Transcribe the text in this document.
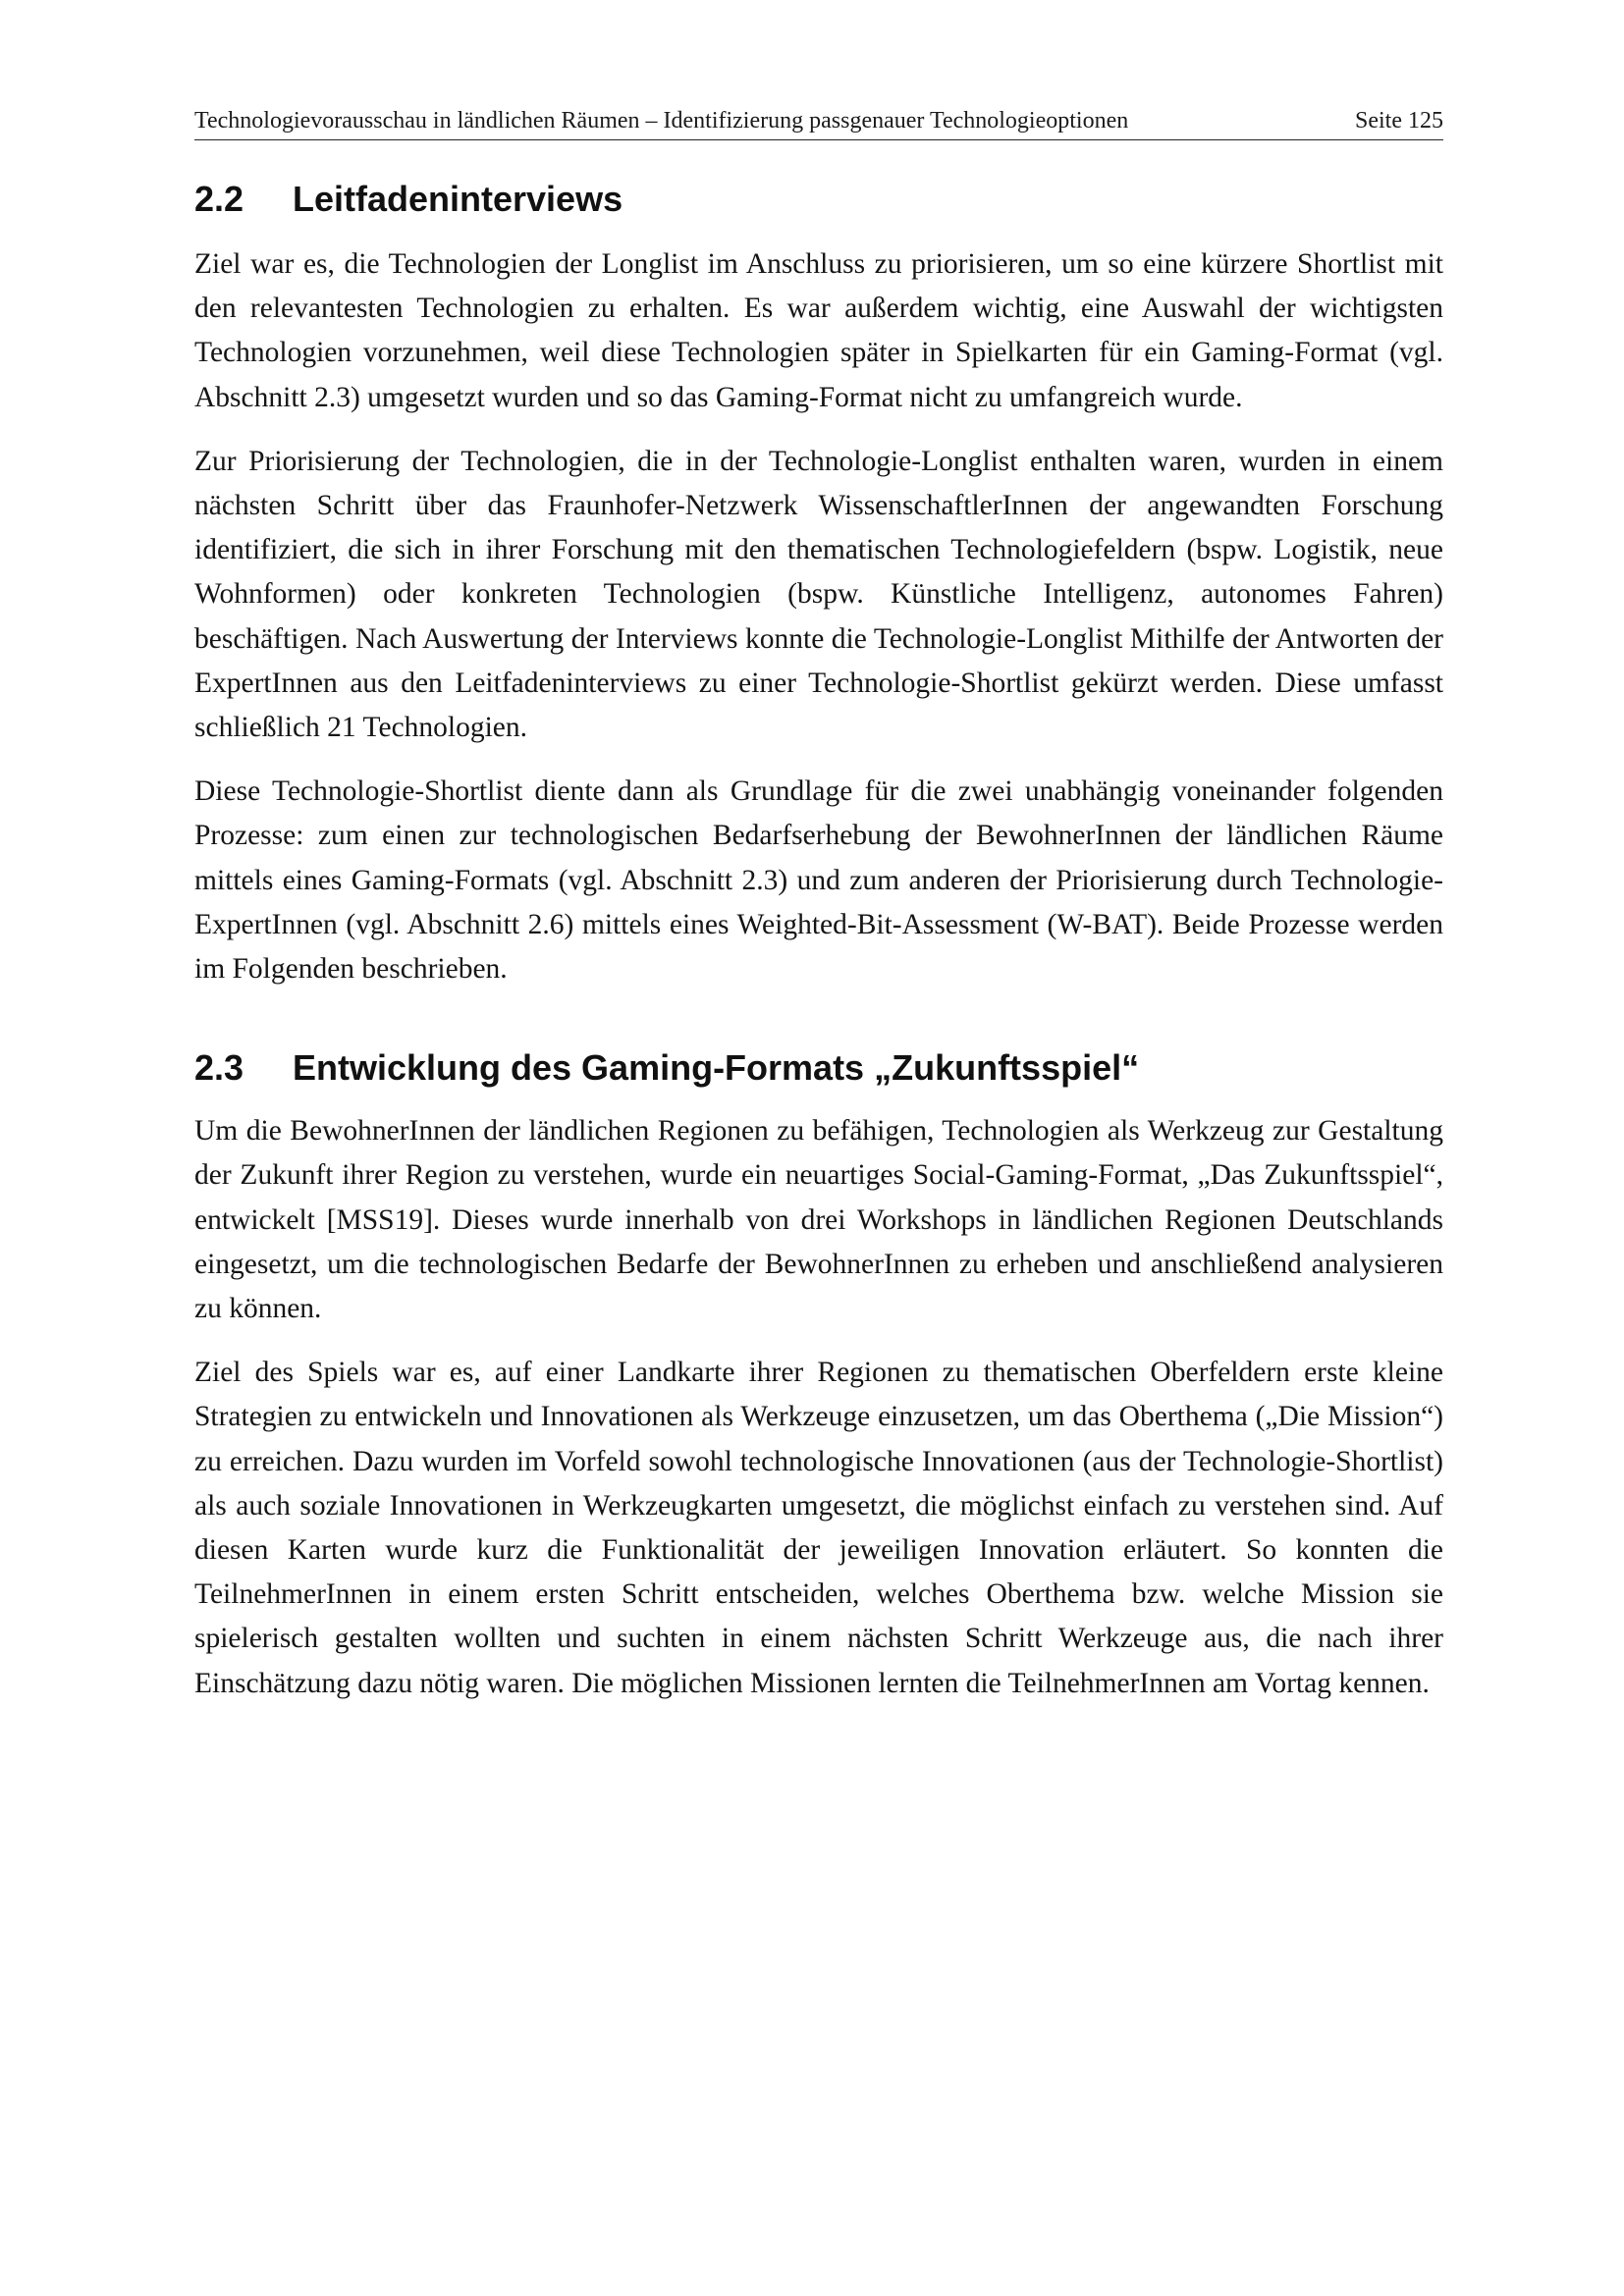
Technologievorausschau in ländlichen Räumen – Identifizierung passgenauer Technologieoptionen	Seite 125
2.2 Leitfadeninterviews

Ziel war es, die Technologien der Longlist im Anschluss zu priorisieren, um so eine kürzere Shortlist mit den relevantesten Technologien zu erhalten. Es war außerdem wichtig, eine Auswahl der wichtigsten Technologien vorzunehmen, weil diese Technologien später in Spielkarten für ein Gaming-Format (vgl. Abschnitt 2.3) umgesetzt wurden und so das Gaming-Format nicht zu umfangreich wurde.

Zur Priorisierung der Technologien, die in der Technologie-Longlist enthalten waren, wurden in einem nächsten Schritt über das Fraunhofer-Netzwerk WissenschaftlerInnen der angewandten Forschung identifiziert, die sich in ihrer Forschung mit den thematischen Technologiefeldern (bspw. Logistik, neue Wohnformen) oder konkreten Technologien (bspw. Künstliche Intelligenz, autonomes Fahren) beschäftigen. Nach Auswertung der Interviews konnte die Technologie-Longlist Mithilfe der Antworten der ExpertInnen aus den Leitfadeninterviews zu einer Technologie-Shortlist gekürzt werden. Diese umfasst schließlich 21 Technologien.

Diese Technologie-Shortlist diente dann als Grundlage für die zwei unabhängig voneinander folgenden Prozesse: zum einen zur technologischen Bedarfserhebung der BewohnerInnen der ländlichen Räume mittels eines Gaming-Formats (vgl. Abschnitt 2.3) und zum anderen der Priorisierung durch Technologie-ExpertInnen (vgl. Abschnitt 2.6) mittels eines Weighted-Bit-Assessment (W-BAT). Beide Prozesse werden im Folgenden beschrieben.

2.3 Entwicklung des Gaming-Formats „Zukunftsspiel“

Um die BewohnerInnen der ländlichen Regionen zu befähigen, Technologien als Werkzeug zur Gestaltung der Zukunft ihrer Region zu verstehen, wurde ein neuartiges Social-Gaming-Format, „Das Zukunftsspiel“, entwickelt [MSS19]. Dieses wurde innerhalb von drei Workshops in ländlichen Regionen Deutschlands eingesetzt, um die technologischen Bedarfe der BewohnerInnen zu erheben und anschließend analysieren zu können.

Ziel des Spiels war es, auf einer Landkarte ihrer Regionen zu thematischen Oberfeldern erste kleine Strategien zu entwickeln und Innovationen als Werkzeuge einzusetzen, um das Oberthema („Die Mission“) zu erreichen. Dazu wurden im Vorfeld sowohl technologische Innovationen (aus der Technologie-Shortlist) als auch soziale Innovationen in Werkzeugkarten umgesetzt, die möglichst einfach zu verstehen sind. Auf diesen Karten wurde kurz die Funktionalität der jeweiligen Innovation erläutert. So konnten die TeilnehmerInnen in einem ersten Schritt entscheiden, welches Oberthema bzw. welche Mission sie spielerisch gestalten wollten und suchten in einem nächsten Schritt Werkzeuge aus, die nach ihrer Einschätzung dazu nötig waren. Die möglichen Missionen lernten die TeilnehmerInnen am Vortag kennen.
